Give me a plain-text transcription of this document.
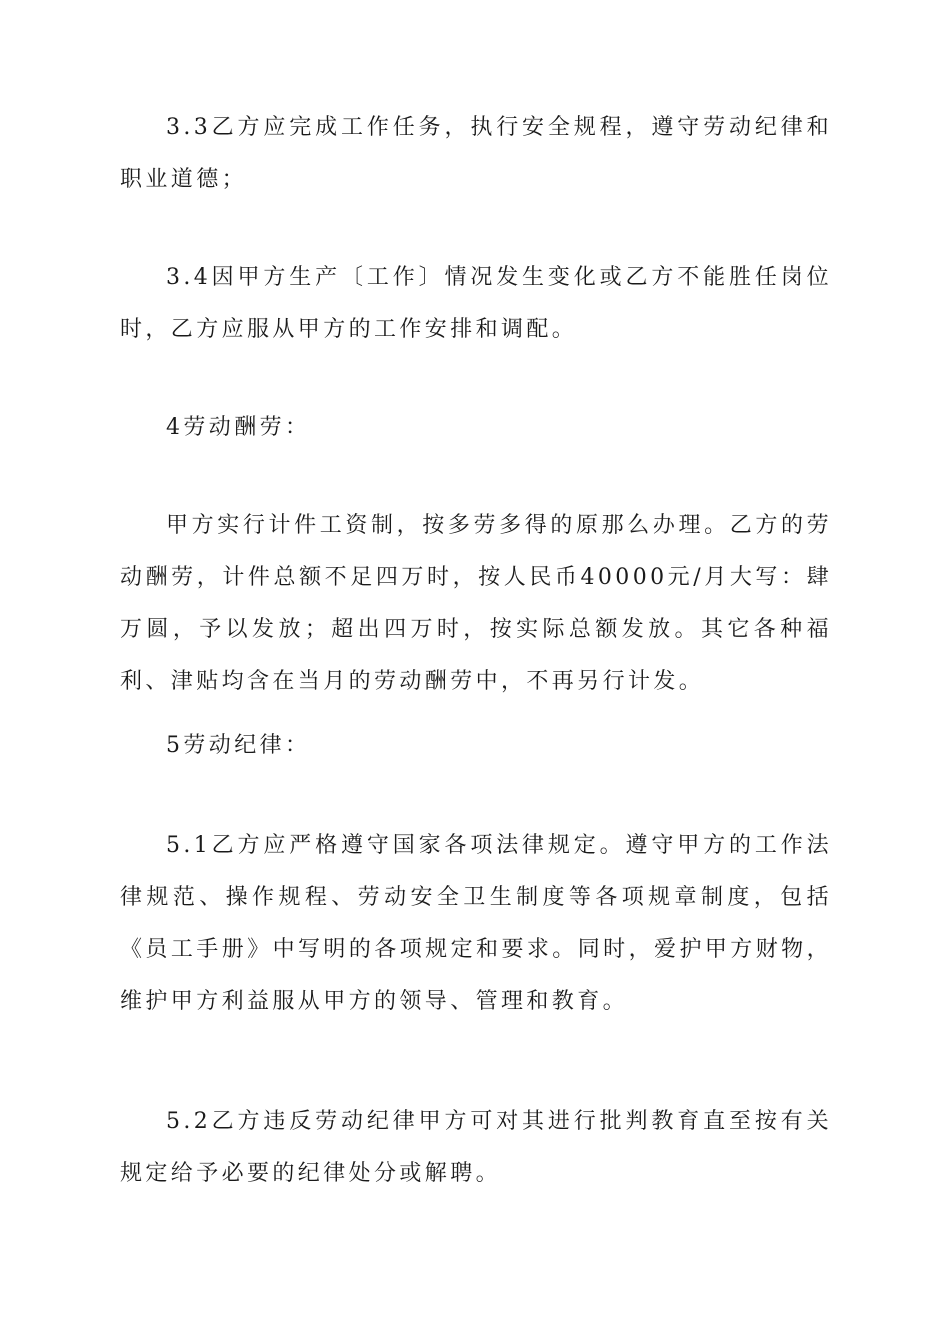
3.3乙方应完成工作任务，执行安全规程，遵守劳动纪律和职业道德；

3.4因甲方生产〔工作〕情况发生变化或乙方不能胜任岗位时，乙方应服从甲方的工作安排和调配。

4劳动酬劳：

甲方实行计件工资制，按多劳多得的原那么办理。乙方的劳动酬劳，计件总额不足四万时，按人民币40000元/月大写：肆万圆，予以发放；超出四万时，按实际总额发放。其它各种福利、津贴均含在当月的劳动酬劳中，不再另行计发。

5劳动纪律：

5.1乙方应严格遵守国家各项法律规定。遵守甲方的工作法律规范、操作规程、劳动安全卫生制度等各项规章制度，包括《员工手册》中写明的各项规定和要求。同时，爱护甲方财物，维护甲方利益服从甲方的领导、管理和教育。

5.2乙方违反劳动纪律甲方可对其进行批判教育直至按有关规定给予必要的纪律处分或解聘。
